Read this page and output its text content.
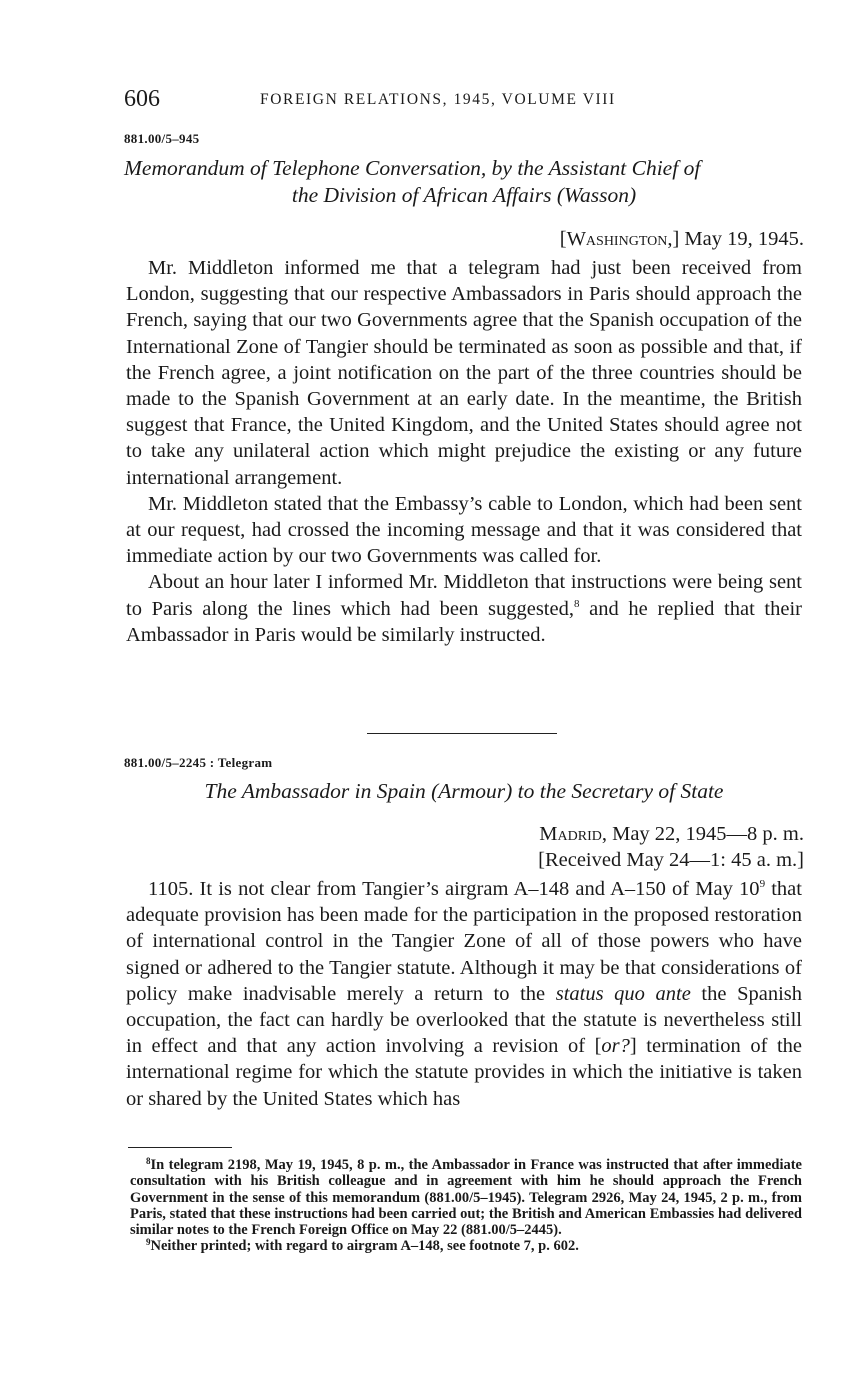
606	FOREIGN RELATIONS, 1945, VOLUME VIII
881.00/5–945
Memorandum of Telephone Conversation, by the Assistant Chief of
the Division of African Affairs (Wasson)
[Washington,] May 19, 1945.

Mr. Middleton informed me that a telegram had just been received from London, suggesting that our respective Ambassadors in Paris should approach the French, saying that our two Governments agree that the Spanish occupation of the International Zone of Tangier should be terminated as soon as possible and that, if the French agree, a joint notification on the part of the three countries should be made to the Spanish Government at an early date. In the meantime, the British suggest that France, the United Kingdom, and the United States should agree not to take any unilateral action which might prejudice the existing or any future international arrangement.

Mr. Middleton stated that the Embassy’s cable to London, which had been sent at our request, had crossed the incoming message and that it was considered that immediate action by our two Governments was called for.

About an hour later I informed Mr. Middleton that instructions were being sent to Paris along the lines which had been suggested,$^8$ and he replied that their Ambassador in Paris would be similarly instructed.

881.00/5–2245 : Telegram
The Ambassador in Spain (Armour) to the Secretary of State
Madrid, May 22, 1945—8 p. m.
[Received May 24—1: 45 a. m.]

1105. It is not clear from Tangier’s airgram A–148 and A–150 of May $10^9$ that adequate provision has been made for the participation in the proposed restoration of international control in the Tangier Zone of all of those powers who have signed or adhered to the Tangier statute. Although it may be that considerations of policy make inadvisable merely a return to the status quo ante the Spanish occupation, the fact can hardly be overlooked that the statute is nevertheless still in effect and that any action involving a revision of [or?] termination of the international regime for which the statute provides in which the initiative is taken or shared by the United States which has

$^8$In telegram 2198, May 19, 1945, 8 p. m., the Ambassador in France was instructed that after immediate consultation with his British colleague and in agreement with him he should approach the French Government in the sense of this memorandum (881.00/5–1945). Telegram 2926, May 24, 1945, 2 p. m., from Paris, stated that these instructions had been carried out; the British and American Embassies had delivered similar notes to the French Foreign Office on May 22 (881.00/5–2445).

$^9$Neither printed; with regard to airgram A–148, see footnote 7, p. 602.
